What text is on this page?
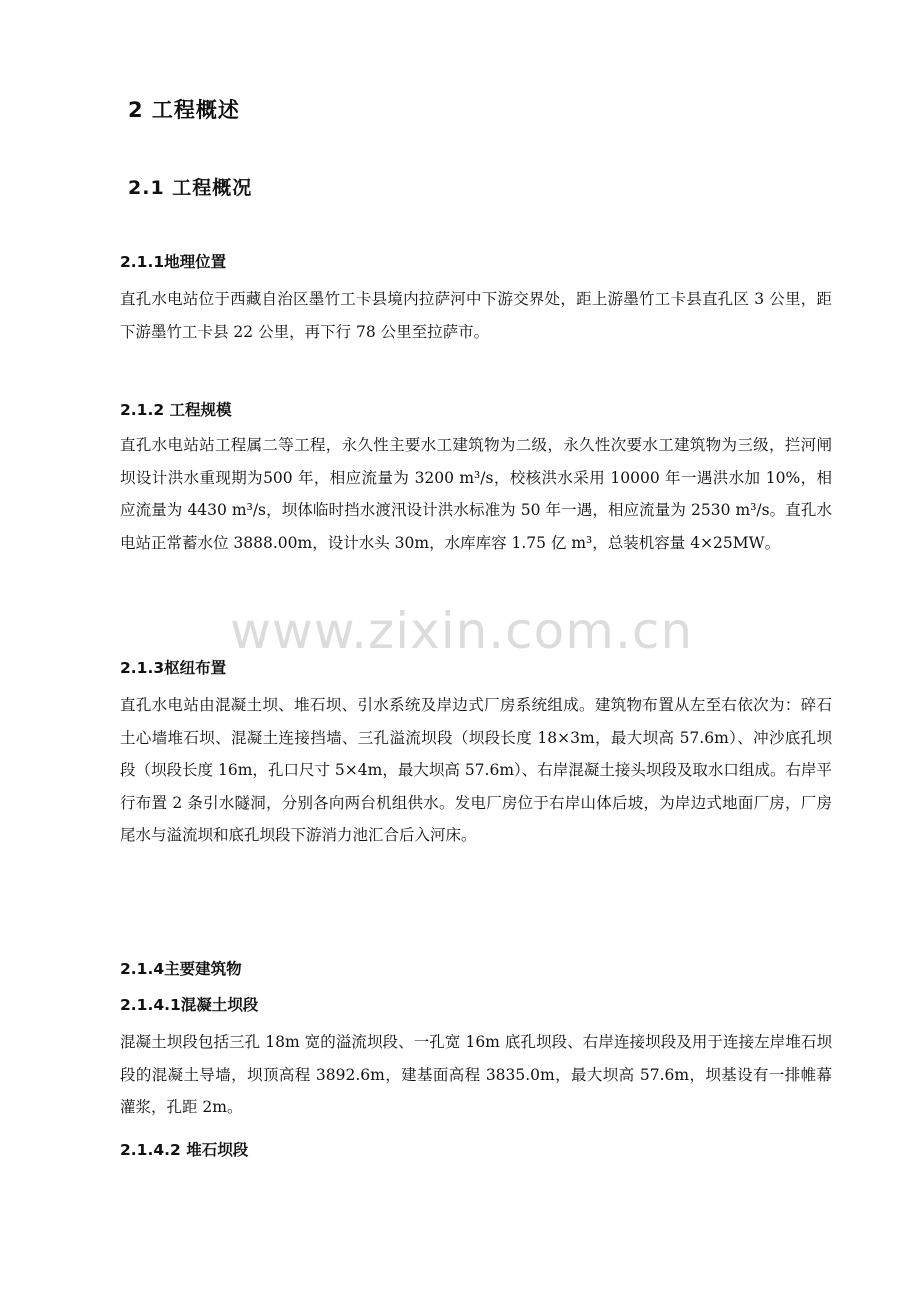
2 工程概述
2.1 工程概况
2.1.1地理位置

直孔水电站位于西藏自治区墨竹工卡县境内拉萨河中下游交界处，距上游墨竹工卡县直孔区 3 公里，距下游墨竹工卡县 22 公里，再下行 78 公里至拉萨市。

2.1.2 工程规模

直孔水电站站工程属二等工程，永久性主要水工建筑物为二级，永久性次要水工建筑物为三级，拦河闸坝设计洪水重现期为500 年，相应流量为 3200 m³/s，校核洪水采用 10000 年一遇洪水加 10%，相应流量为 4430 m³/s，坝体临时挡水渡汛设计洪水标准为 50 年一遇，相应流量为 2530 m³/s。直孔水电站正常蓄水位 3888.00m，设计水头 30m，水库库容 1.75 亿 m³，总装机容量 4×25MW。

www.zixin.com.cn
2.1.3枢纽布置

直孔水电站由混凝土坝、堆石坝、引水系统及岸边式厂房系统组成。建筑物布置从左至右依次为：碎石土心墙堆石坝、混凝土连接挡墙、三孔溢流坝段（坝段长度 18×3m，最大坝高 57.6m）、冲沙底孔坝段（坝段长度 16m，孔口尺寸 5×4m，最大坝高 57.6m）、右岸混凝土接头坝段及取水口组成。右岸平行布置 2 条引水隧洞，分别各向两台机组供水。发电厂房位于右岸山体后坡，为岸边式地面厂房，厂房尾水与溢流坝和底孔坝段下游消力池汇合后入河床。

2.1.4主要建筑物
2.1.4.1混凝土坝段

混凝土坝段包括三孔 18m 宽的溢流坝段、一孔宽 16m 底孔坝段、右岸连接坝段及用于连接左岸堆石坝段的混凝土导墙，坝顶高程 3892.6m，建基面高程 3835.0m，最大坝高 57.6m，坝基设有一排帷幕灌浆，孔距 2m。

2.1.4.2 堆石坝段
